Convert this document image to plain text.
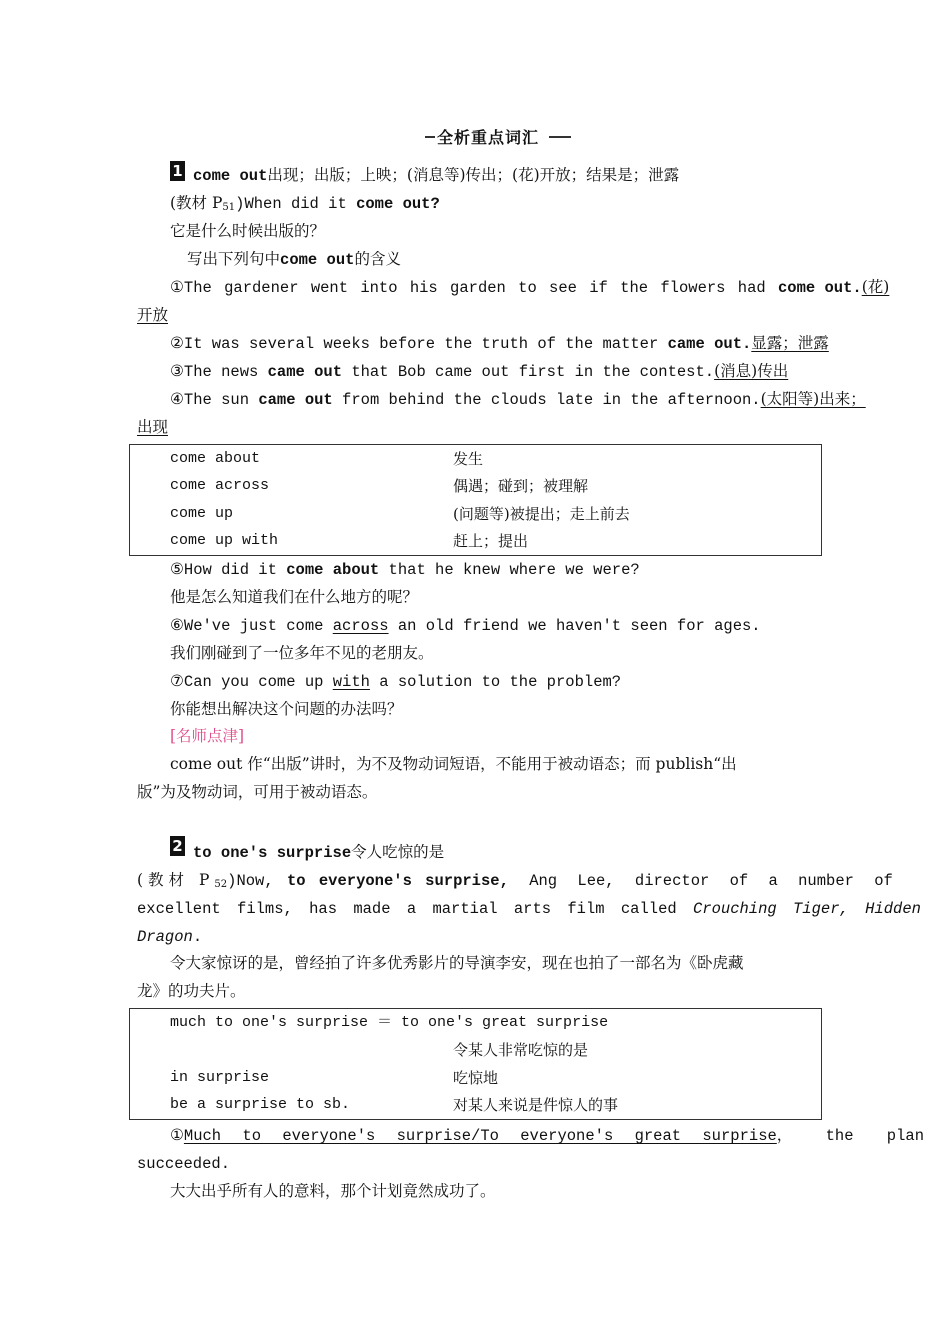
全析重点词汇
1 come out出现；出版；上映；(消息等)传出；(花)开放；结果是；泄露
(教材 $P_{51})When$ did it come out?
它是什么时候出版的？
写出下列句中come out的含义
①The gardener went into his garden to see if the flowers had come out.(花)
开放
②It was several weeks before the truth of the matter came out.显露；泄露
③The news came out that Bob came out first in the contest.(消息)传出
④The sun came out from behind the clouds late in the afternoon.(太阳等)出来；
出现
come about	发生
come across	偶遇；碰到；被理解
come up	(问题等)被提出；走上前去
come up with	赶上；提出
⑤How did it come about that he knew where we were?
他是怎么知道我们在什么地方的呢？
⑥We've just come across an old friend we haven't seen for ages.
我们刚碰到了一位多年不见的老朋友。
⑦Can you come up with a solution to the problem?
你能想出解决这个问题的办法吗？
[名师点津]
come out 作“出版”讲时，为不及物动词短语，不能用于被动语态；而 publish“出
版”为及物动词，可用于被动语态。
2 to one's surprise令人吃惊的是
(教材 $P_{52})Now$, to everyone's surprise, Ang Lee, director of a number of
excellent films, has made a martial arts film called Crouching Tiger, Hidden
Dragon.
令大家惊讶的是，曾经拍了许多优秀影片的导演李安，现在也拍了一部名为《卧虎藏
龙》的功夫片。
much to one's surprise ＝ to one's great surprise	
	令某人非常吃惊的是
in surprise	吃惊地
be a surprise to sb.	对某人来说是件惊人的事
①Much to everyone's surprise/To everyone's great surprise， the plan
succeeded.
大大出乎所有人的意料，那个计划竟然成功了。
